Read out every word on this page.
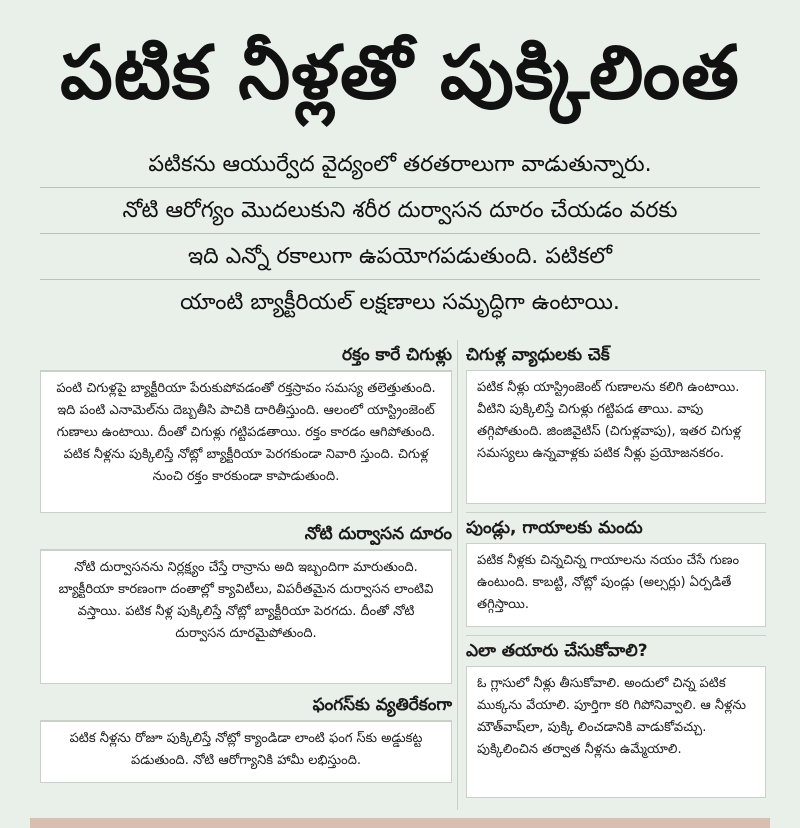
పటిక నీళ్లతో పుక్కిలింత
పటికను ఆయుర్వేద వైద్యంలో తరతరాలుగా వాడుతున్నారు.
నోటి ఆరోగ్యం మొదలుకుని శరీర దుర్వాసన దూరం చేయడం వరకు
ఇది ఎన్నో రకాలుగా ఉపయోగపడుతుంది. పటికలో
యాంటి బ్యాక్టీరియల్ లక్షణాలు సమృద్ధిగా ఉంటాయి.
రక్తం కారే చిగుళ్లు
పంటి చిగుళ్లపై బ్యాక్టీరియా పేరుకుపోవడంతో రక్తస్రావం సమస్య తలెత్తుతుంది. ఇది పంటి ఎనామెల్‌ను దెబ్బతీసి పాచికి దారితీస్తుంది. ఆలంలో యాస్ట్రింజెంట్ గుణాలు ఉంటాయి. దీంతో చిగుళ్లు గట్టిపడతాయి. రక్తం కారడం ఆగిపోతుంది. పటిక నీళ్లను పుక్కిలిస్తే నోట్లో బ్యాక్టీరియా పెరగకుండా నివారి స్తుంది. చిగుళ్ల నుంచి రక్తం కారకుండా కాపాడుతుంది.
నోటి దుర్వాసన దూరం
నోటి దుర్వాసనను నిర్లక్ష్యం చేస్తే రాన్రాను అది ఇబ్బందిగా మారుతుంది. బ్యాక్టీరియా కారణంగా దంతాల్లో క్యావిటీలు, విపరీతమైన దుర్వాసన లాంటివి వస్తాయి. పటిక నీళ్ల పుక్కిలిస్తే నోట్లో బ్యాక్టీరియా పెరగదు. దీంతో నోటి దుర్వాసన దూరమైపోతుంది.
ఫంగస్‌కు వ్యతిరేకంగా
పటిక నీళ్లను రోజూ పుక్కిలిస్తే నోట్లో క్యాండిడా లాంటి ఫంగ స్‌కు అడ్డుకట్ట పడుతుంది. నోటి ఆరోగ్యానికి హామీ లభిస్తుంది.
చిగుళ్ల వ్యాధులకు చెక్
పటిక నీళ్లు యాస్ట్రింజెంట్ గుణాలను కలిగి ఉంటాయి. వీటిని పుక్కిలిస్తే చిగుళ్లు గట్టిపడ తాయి. వాపు తగ్గిపోతుంది. జింజివైటిస్ (చిగుళ్లవాపు), ఇతర చిగుళ్ల సమస్యలు ఉన్నవాళ్లకు పటిక నీళ్లు ప్రయోజనకరం.
పుండ్లు, గాయాలకు మందు
పటిక నీళ్లకు చిన్నచిన్న గాయాలను నయం చేసే గుణం ఉంటుంది. కాబట్టి, నోట్లో పుండ్లు (అల్సర్లు) ఏర్పడితే తగ్గిస్తాయి.
ఎలా తయారు చేసుకోవాలి?
ఓ గ్లాసులో నీళ్లు తీసుకోవాలి. అందులో చిన్న పటిక ముక్కను వేయాలి. పూర్తిగా కరి గిపోనివ్వాలి. ఆ నీళ్లను మౌత్‌వాష్‌లా, పుక్కి లించడానికి వాడుకోవచ్చు. పుక్కిలించిన తర్వాత నీళ్లను ఉమ్మేయాలి.
